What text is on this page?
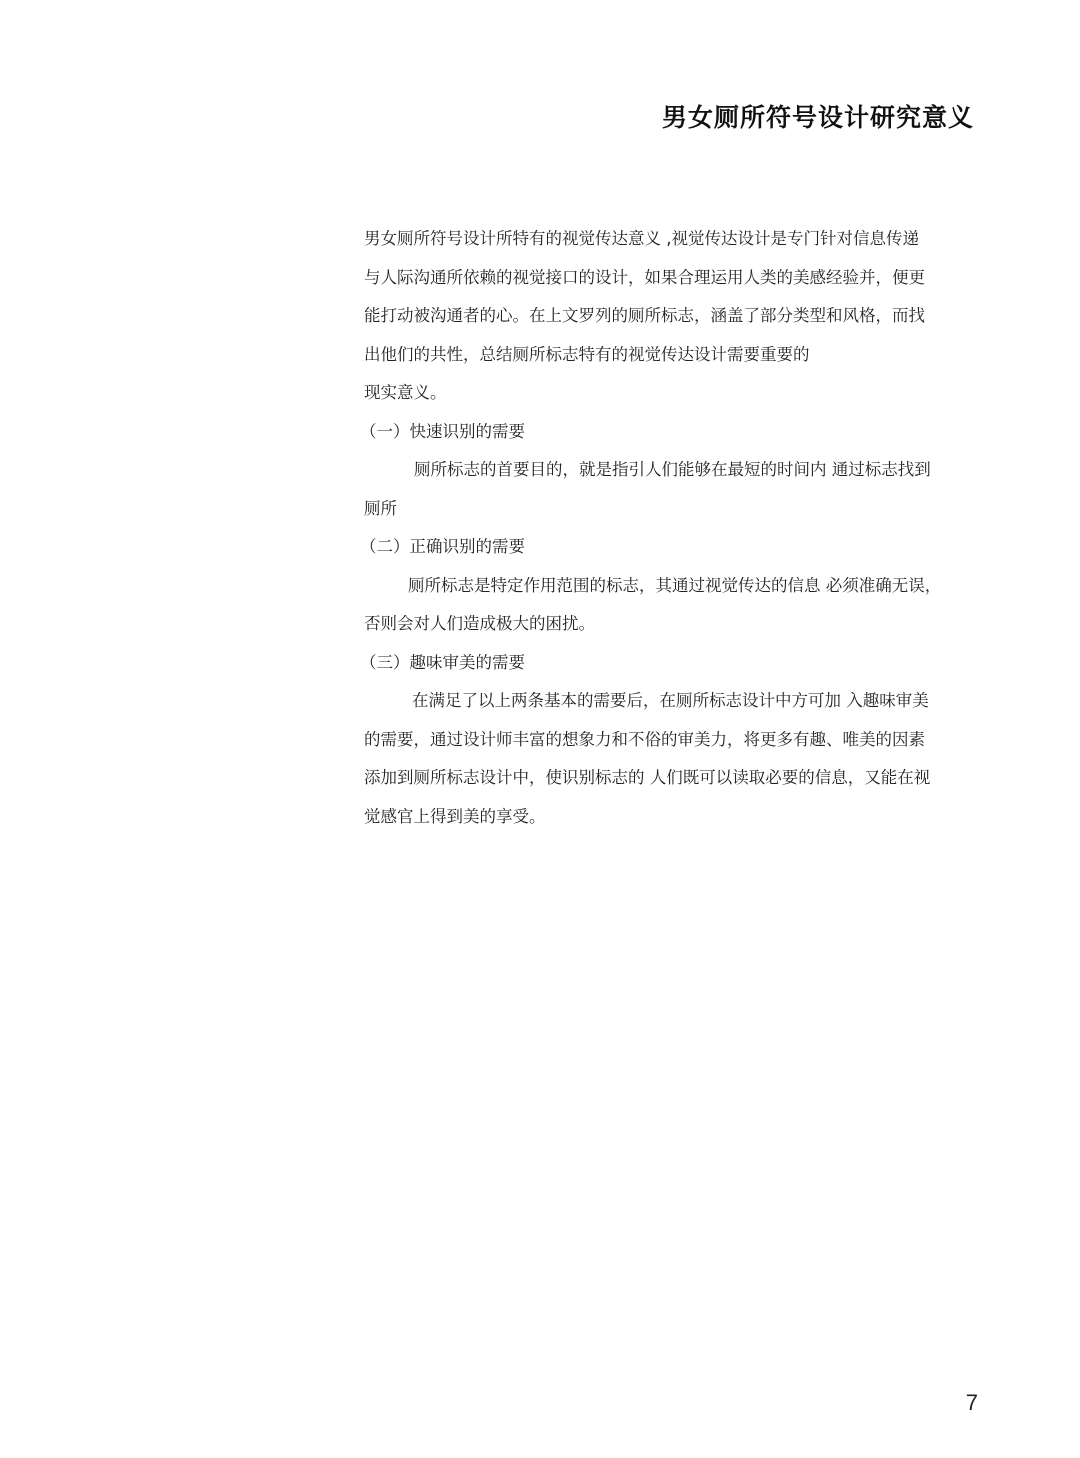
男女厕所符号设计研究意义
男女厕所符号设计所特有的视觉传达意义 ,视觉传达设计是专门针对信息传递
与人际沟通所依赖的视觉接口的设计，如果合理运用人类的美感经验并，便更
能打动被沟通者的心。在上文罗列的厕所标志，涵盖了部分类型和风格，而找
出他们的共性，总结厕所标志特有的视觉传达设计需要重要的
现实意义。
（一）快速识别的需要
厕所标志的首要目的，就是指引人们能够在最短的时间内 通过标志找到
厕所
（二）正确识别的需要
厕所标志是特定作用范围的标志，其通过视觉传达的信息 必须准确无误，
否则会对人们造成极大的困扰。
（三）趣味审美的需要
在满足了以上两条基本的需要后，在厕所标志设计中方可加 入趣味审美
的需要，通过设计师丰富的想象力和不俗的审美力，将更多有趣、唯美的因素
添加到厕所标志设计中，使识别标志的 人们既可以读取必要的信息，又能在视
觉感官上得到美的享受。
7
